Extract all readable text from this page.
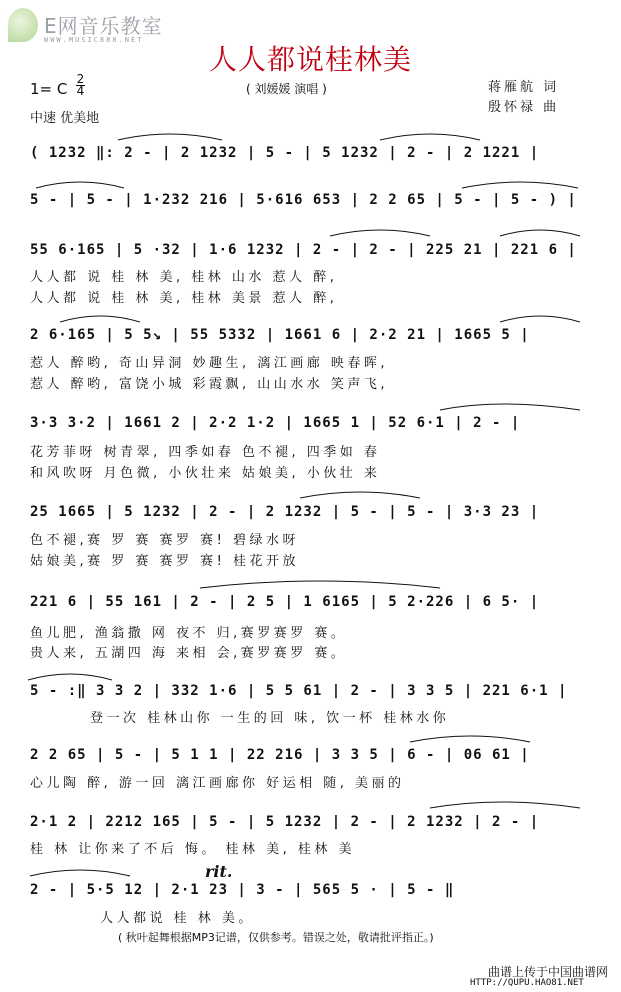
E网音乐教室
WWW.MUSIC888.NET
人人都说桂林美
1= C
2
4
中速 优美地
( 刘媛媛 演唱 )	蒋雁航 词
殷怀禄 曲
( 1232 ‖: 2 - | 2 1232 | 5 - | 5 1232 | 2 - | 2 1221 |
5 - | 5 - | 1·232 216 | 5·616 653 | 2 2 65 | 5 - | 5 - ) |
55 6·165 | 5 ·32 | 1·6 1232 | 2 - | 2 - | 225 21 | 221 6 |
人人都 说 桂 林 美, 桂林 山水 惹人 醉,
人人都 说 桂 林 美, 桂林 美景 惹人 醉,
2 6·165 | 5 5↘ | 55 5332 | 1661 6 | 2·2 21 | 1665 5 |
惹人 醉哟, 奇山异洞 妙趣生, 漓江画廊 映春晖,
惹人 醉哟, 富饶小城 彩霞飘, 山山水水 笑声飞,
3·3 3·2 | 1661 2 | 2·2 1·2 | 1665 1 | 52 6·1 | 2 - |
花芳菲呀 树青翠, 四季如春 色不褪, 四季如 春
和风吹呀 月色微, 小伙壮来 姑娘美, 小伙壮 来
25 1665 | 5 1232 | 2 - | 2 1232 | 5 - | 5 - | 3·3 23 |
色不褪,赛 罗 赛 赛罗 赛! 碧绿水呀
姑娘美,赛 罗 赛 赛罗 赛! 桂花开放
221 6 | 55 161 | 2 - | 2 5 | 1 6165 | 5 2·226 | 6 5· |
鱼儿肥, 渔翁撒 网 夜不 归,赛罗赛罗 赛。
贵人来, 五湖四 海 来相 会,赛罗赛罗 赛。
5 - :‖ 3 3 2 | 332 1·6 | 5 5 61 | 2 - | 3 3 5 | 221 6·1 |
登一次 桂林山你 一生的回 味, 饮一杯 桂林水你
2 2 65 | 5 - | 5 1 1 | 22 216 | 3 3 5 | 6 - | 06 61 |
心儿陶 醉, 游一回 漓江画廊你 好运相 随, 美丽的
2·1 2 | 2212 165 | 5 - | 5 1232 | 2 - | 2 1232 | 2 - |
桂 林 让你来了不后 悔。 桂林 美, 桂林 美
rit.
2 - | 5·5 12 | 2·1 23 | 3 - | 565 5 · | 5 - ‖
人人都说 桂 林 美。
( 秋叶起舞根据MP3记谱，仅供参考。错误之处，敬请批评指正。)
曲谱上传于中国曲谱网
HTTP://QUPU.HAO81.NET
